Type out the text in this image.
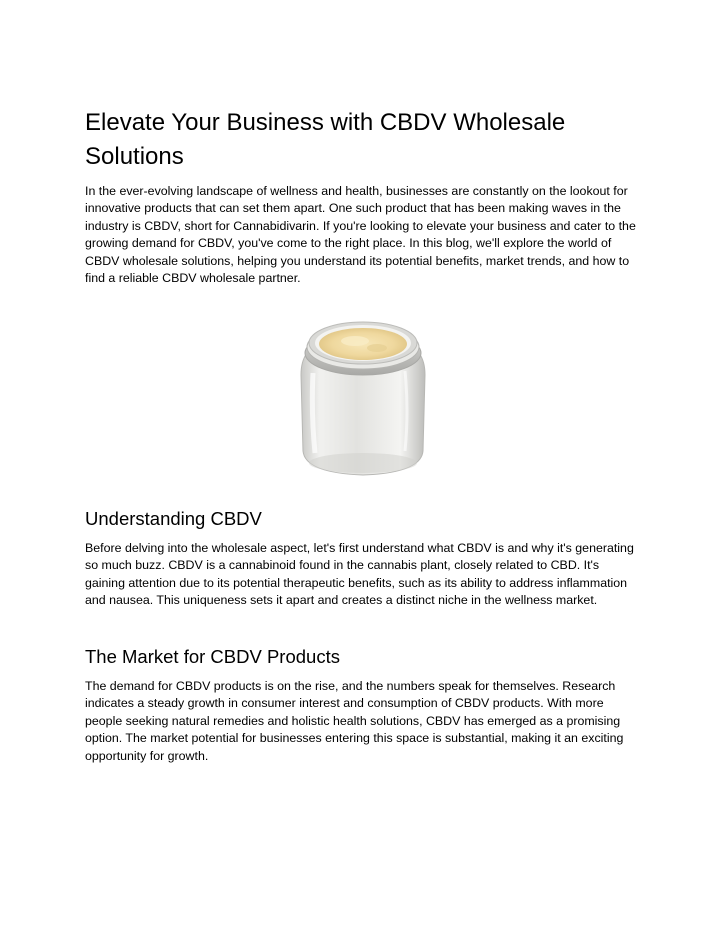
Elevate Your Business with CBDV Wholesale Solutions

In the ever-evolving landscape of wellness and health, businesses are constantly on the lookout for innovative products that can set them apart. One such product that has been making waves in the industry is CBDV, short for Cannabidivarin. If you're looking to elevate your business and cater to the growing demand for CBDV, you've come to the right place. In this blog, we'll explore the world of CBDV wholesale solutions, helping you understand its potential benefits, market trends, and how to find a reliable CBDV wholesale partner.

Understanding CBDV

Before delving into the wholesale aspect, let's first understand what CBDV is and why it's generating so much buzz. CBDV is a cannabinoid found in the cannabis plant, closely related to CBD. It's gaining attention due to its potential therapeutic benefits, such as its ability to address inflammation and nausea. This uniqueness sets it apart and creates a distinct niche in the wellness market.

The Market for CBDV Products

The demand for CBDV products is on the rise, and the numbers speak for themselves. Research indicates a steady growth in consumer interest and consumption of CBDV products. With more people seeking natural remedies and holistic health solutions, CBDV has emerged as a promising option. The market potential for businesses entering this space is substantial, making it an exciting opportunity for growth.
